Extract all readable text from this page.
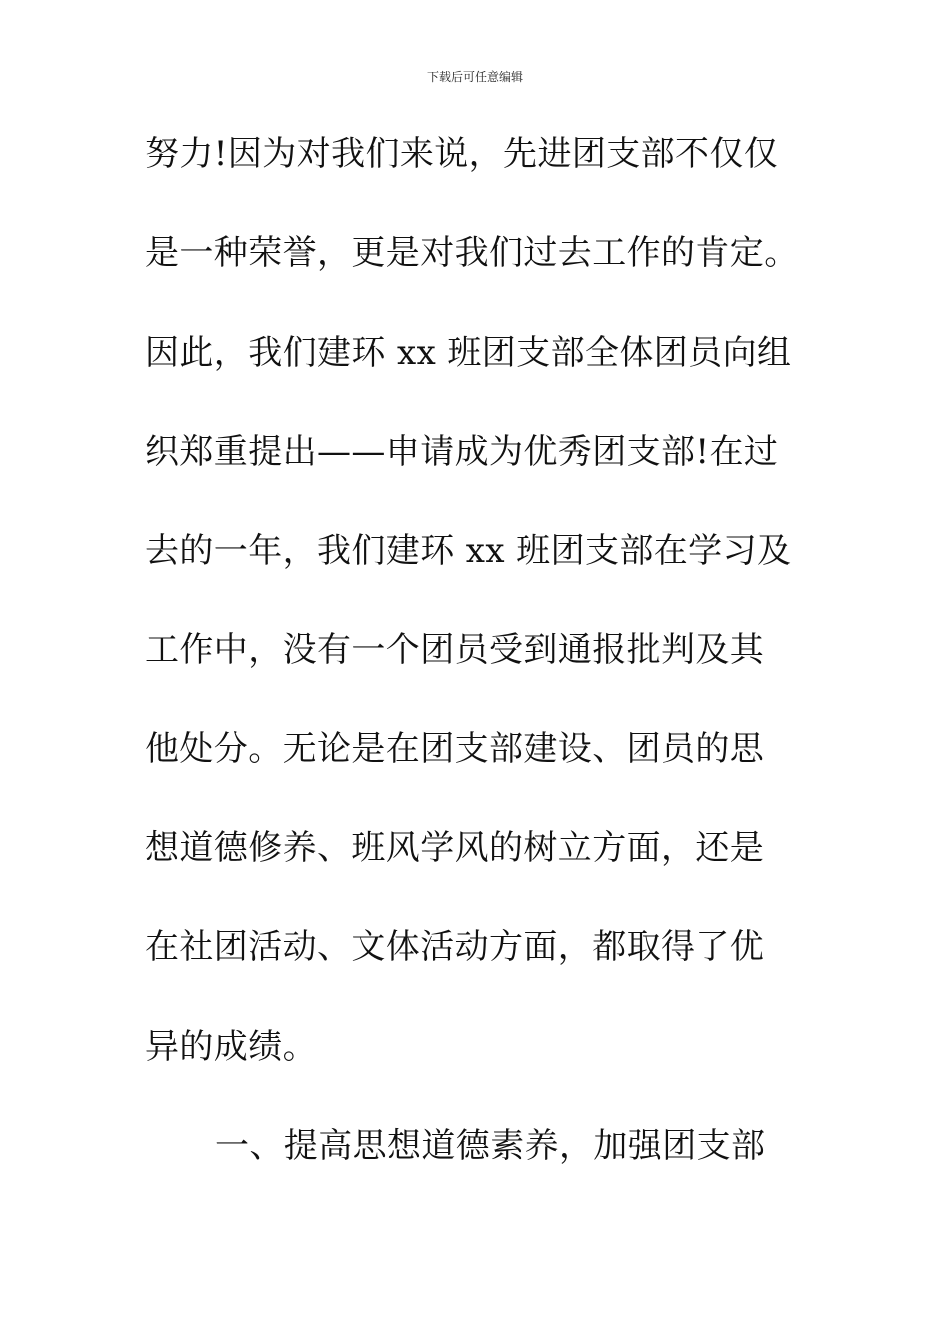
下载后可任意编辑
努力!因为对我们来说，先进团支部不仅仅
是一种荣誉，更是对我们过去工作的肯定。
因此，我们建环 xx 班团支部全体团员向组
织郑重提出——申请成为优秀团支部!在过
去的一年，我们建环 xx 班团支部在学习及
工作中，没有一个团员受到通报批判及其
他处分。无论是在团支部建设、团员的思
想道德修养、班风学风的树立方面，还是
在社团活动、文体活动方面，都取得了优
异的成绩。
一、提高思想道德素养，加强团支部
